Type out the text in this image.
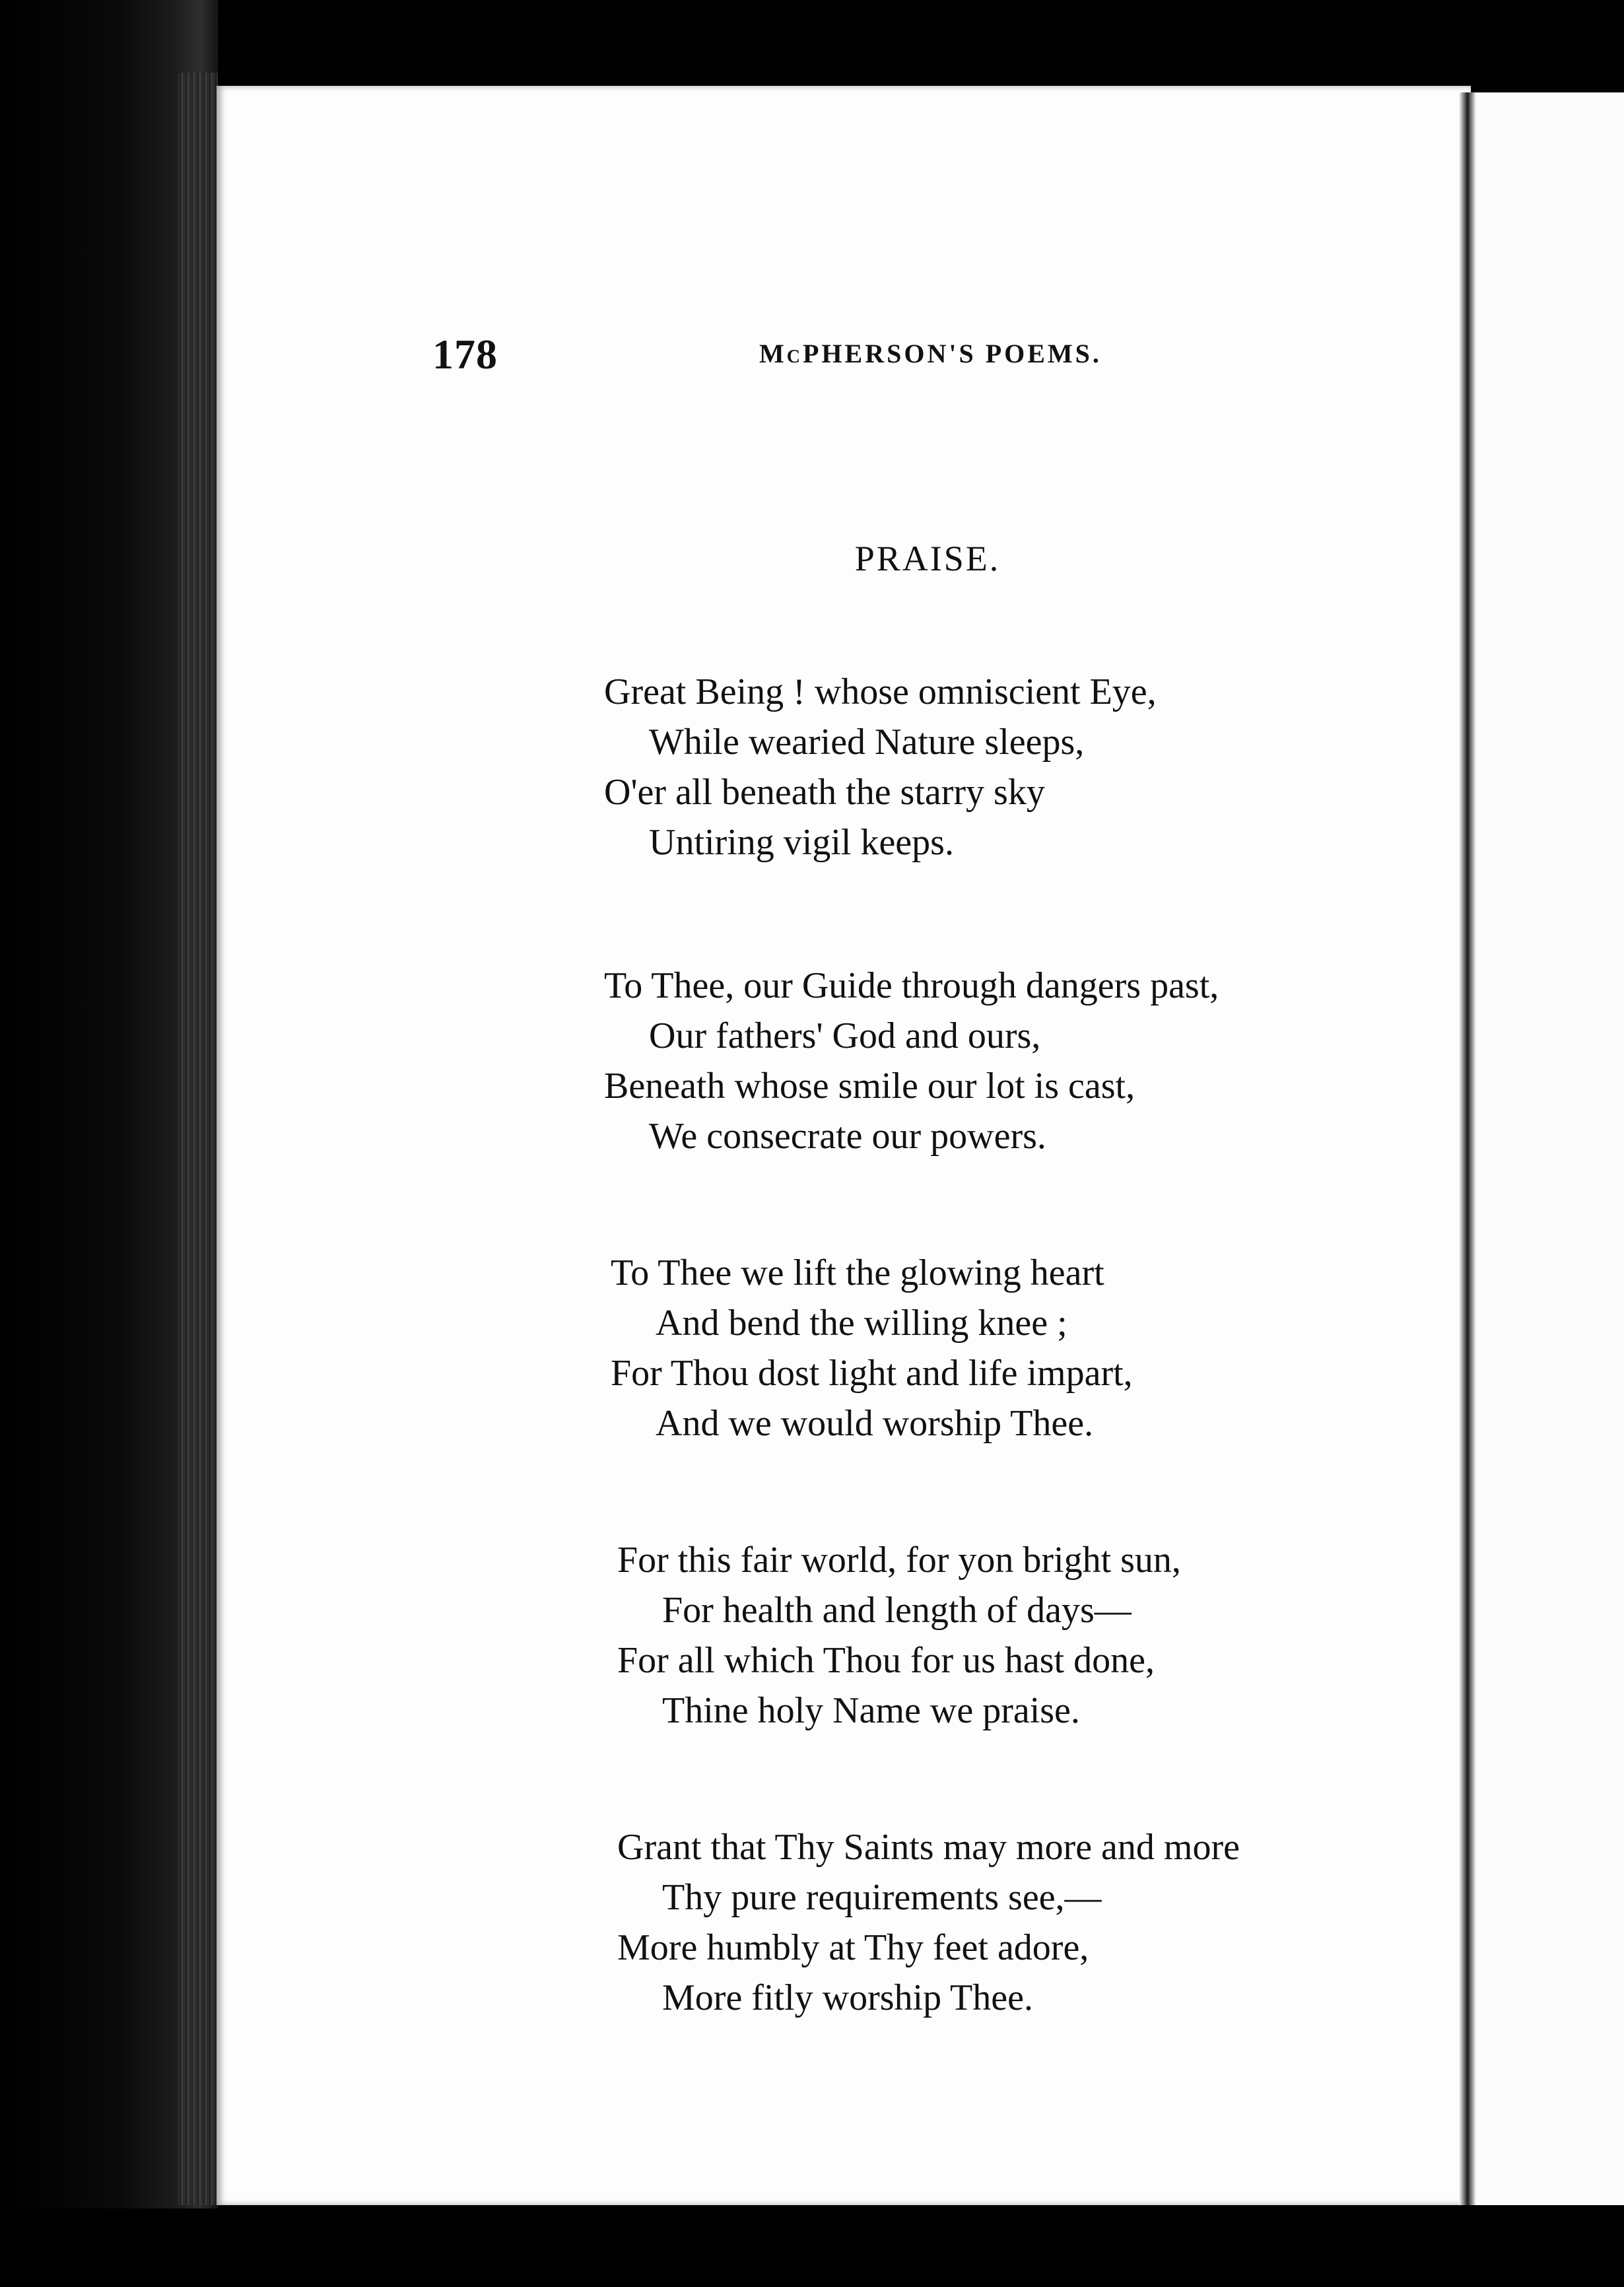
178	McPHERSON'S POEMS.
PRAISE.
Great Being ! whose omniscient Eye,
While wearied Nature sleeps,
O'er all beneath the starry sky
Untiring vigil keeps.
To Thee, our Guide through dangers past,
Our fathers' God and ours,
Beneath whose smile our lot is cast,
We consecrate our powers.
To Thee we lift the glowing heart
And bend the willing knee ;
For Thou dost light and life impart,
And we would worship Thee.
For this fair world, for yon bright sun,
For health and length of days—
For all which Thou for us hast done,
Thine holy Name we praise.
Grant that Thy Saints may more and more
Thy pure requirements see,—
More humbly at Thy feet adore,
More fitly worship Thee.
